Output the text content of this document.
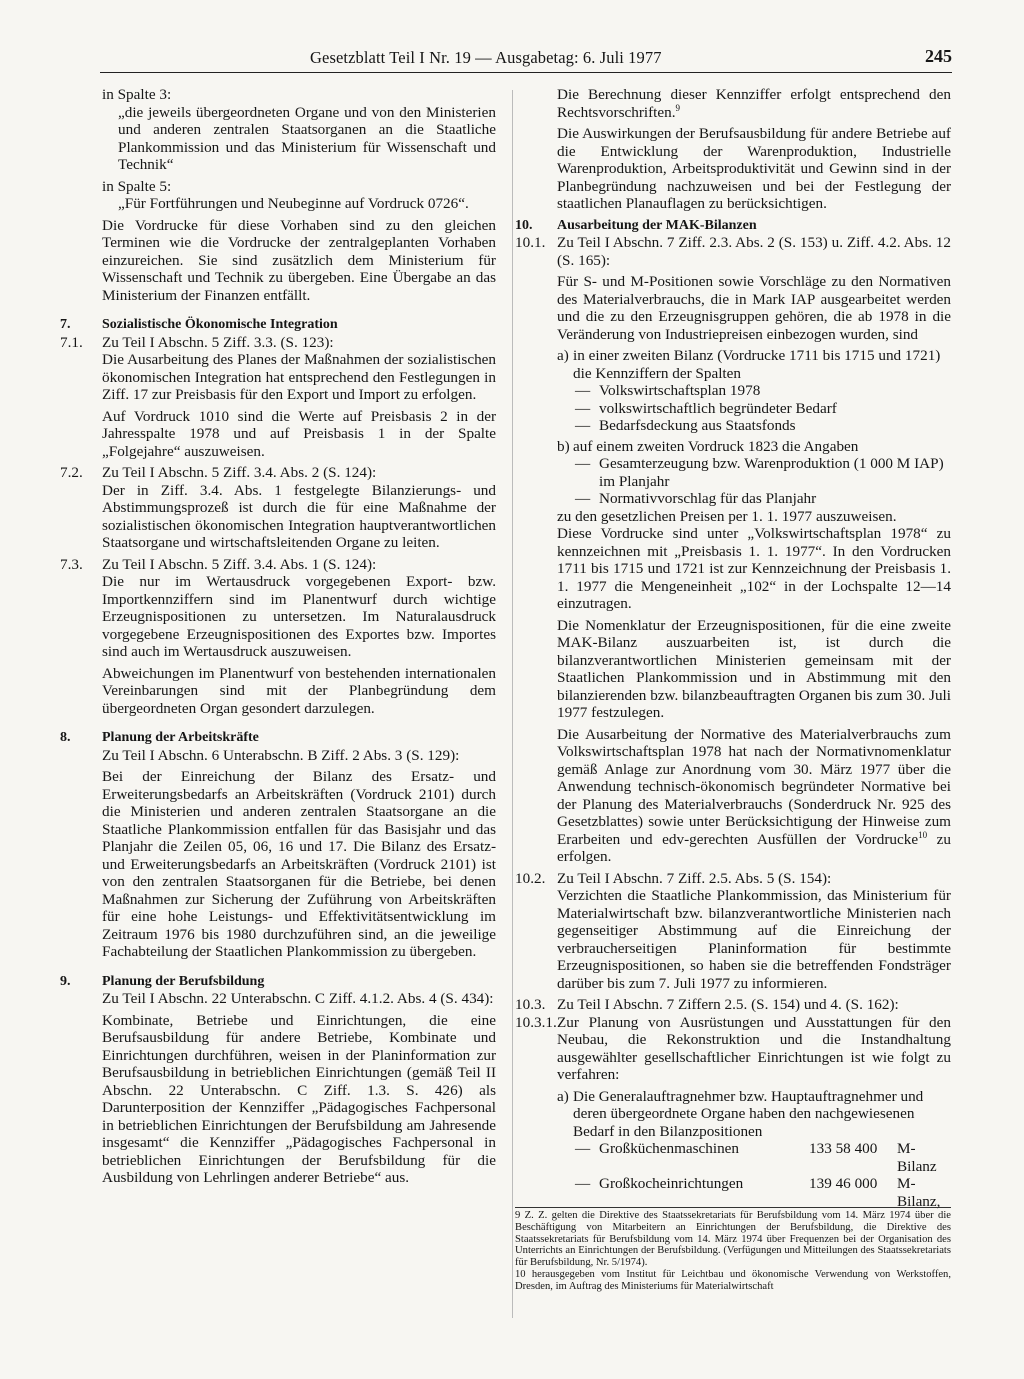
Gesetzblatt Teil I Nr. 19 — Ausgabetag: 6. Juli 1977	245

in Spalte 3:

„die jeweils übergeordneten Organe und von den Ministerien und anderen zentralen Staatsorganen an die Staatliche Plankommission und das Ministerium für Wissenschaft und Technik“

in Spalte 5:

„Für Fortführungen und Neubeginne auf Vordruck 0726“.

Die Vordrucke für diese Vorhaben sind zu den gleichen Terminen wie die Vordrucke der zentralgeplanten Vorhaben einzureichen. Sie sind zusätzlich dem Ministerium für Wissenschaft und Technik zu übergeben. Eine Übergabe an das Ministerium der Finanzen entfällt.

7.	Sozialistische Ökonomische Integration
7.1.	Zu Teil I Abschn. 5 Ziff. 3.3. (S. 123):

Die Ausarbeitung des Planes der Maßnahmen der sozialistischen ökonomischen Integration hat entsprechend den Festlegungen in Ziff. 17 zur Preisbasis für den Export und Import zu erfolgen.

Auf Vordruck 1010 sind die Werte auf Preisbasis 2 in der Jahresspalte 1978 und auf Preisbasis 1 in der Spalte „Folgejahre“ auszuweisen.

7.2.	Zu Teil I Abschn. 5 Ziff. 3.4. Abs. 2 (S. 124):

Der in Ziff. 3.4. Abs. 1 festgelegte Bilanzierungs- und Abstimmungsprozeß ist durch die für eine Maßnahme der sozialistischen ökonomischen Integration hauptverantwortlichen Staatsorgane und wirtschaftsleitenden Organe zu leiten.

7.3.	Zu Teil I Abschn. 5 Ziff. 3.4. Abs. 1 (S. 124):

Die nur im Wertausdruck vorgegebenen Export- bzw. Importkennziffern sind im Planentwurf durch wichtige Erzeugnispositionen zu untersetzen. Im Naturalausdruck vorgegebene Erzeugnispositionen des Exportes bzw. Importes sind auch im Wertausdruck auszuweisen.

Abweichungen im Planentwurf von bestehenden internationalen Vereinbarungen sind mit der Planbegründung dem übergeordneten Organ gesondert darzulegen.

8.	Planung der Arbeitskräfte

Zu Teil I Abschn. 6 Unterabschn. B Ziff. 2 Abs. 3 (S. 129):

Bei der Einreichung der Bilanz des Ersatz- und Erweiterungsbedarfs an Arbeitskräften (Vordruck 2101) durch die Ministerien und anderen zentralen Staatsorgane an die Staatliche Plankommission entfallen für das Basisjahr und das Planjahr die Zeilen 05, 06, 16 und 17. Die Bilanz des Ersatz- und Erweiterungsbedarfs an Arbeitskräften (Vordruck 2101) ist von den zentralen Staatsorganen für die Betriebe, bei denen Maßnahmen zur Sicherung der Zuführung von Arbeitskräften für eine hohe Leistungs- und Effektivitätsentwicklung im Zeitraum 1976 bis 1980 durchzuführen sind, an die jeweilige Fachabteilung der Staatlichen Plankommission zu übergeben.

9.	Planung der Berufsbildung

Zu Teil I Abschn. 22 Unterabschn. C Ziff. 4.1.2. Abs. 4 (S. 434):

Kombinate, Betriebe und Einrichtungen, die eine Berufsausbildung für andere Betriebe, Kombinate und Einrichtungen durchführen, weisen in der Planinformation zur Berufsausbildung in betrieblichen Einrichtungen (gemäß Teil II Abschn. 22 Unterabschn. C Ziff. 1.3. S. 426) als Darunterposition der Kennziffer „Pädagogisches Fachpersonal in betrieblichen Einrichtungen der Berufsbildung am Jahresende insgesamt“ die Kennziffer „Pädagogisches Fachpersonal in betrieblichen Einrichtungen der Berufsbildung für die Ausbildung von Lehrlingen anderer Betriebe“ aus.

Die Berechnung dieser Kennziffer erfolgt entsprechend den Rechtsvorschriften.$^9$

Die Auswirkungen der Berufsausbildung für andere Betriebe auf die Entwicklung der Warenproduktion, Industrielle Warenproduktion, Arbeitsproduktivität und Gewinn sind in der Planbegründung nachzuweisen und bei der Festlegung der staatlichen Planauflagen zu berücksichtigen.

10.	Ausarbeitung der MAK-Bilanzen
10.1. Zu Teil I Abschn. 7 Ziff. 2.3. Abs. 2 (S. 153) u. Ziff. 4.2. Abs. 12 (S. 165):

Für S- und M-Positionen sowie Vorschläge zu den Normativen des Materialverbrauchs, die in Mark IAP ausgearbeitet werden und die zu den Erzeugnisgruppen gehören, die ab 1978 in die Veränderung von Industriepreisen einbezogen wurden, sind

a) in einer zweiten Bilanz (Vordrucke 1711 bis 1715 und 1721) die Kennziffern der Spalten
— Volkswirtschaftsplan 1978
— volkswirtschaftlich begründeter Bedarf
— Bedarfsdeckung aus Staatsfonds
b) auf einem zweiten Vordruck 1823 die Angaben
— Gesamterzeugung bzw. Warenproduktion (1 000 M IAP) im Planjahr
— Normativvorschlag für das Planjahr

zu den gesetzlichen Preisen per 1. 1. 1977 auszuweisen.

Diese Vordrucke sind unter „Volkswirtschaftsplan 1978“ zu kennzeichnen mit „Preisbasis 1. 1. 1977“. In den Vordrucken 1711 bis 1715 und 1721 ist zur Kennzeichnung der Preisbasis 1. 1. 1977 die Mengeneinheit „102“ in der Lochspalte 12—14 einzutragen.

Die Nomenklatur der Erzeugnispositionen, für die eine zweite MAK-Bilanz auszuarbeiten ist, ist durch die bilanzverantwortlichen Ministerien gemeinsam mit der Staatlichen Plankommission und in Abstimmung mit den bilanzierenden bzw. bilanzbeauftragten Organen bis zum 30. Juli 1977 festzulegen.

Die Ausarbeitung der Normative des Materialverbrauchs zum Volkswirtschaftsplan 1978 hat nach der Normativnomenklatur gemäß Anlage zur Anordnung vom 30. März 1977 über die Anwendung technisch-ökonomisch begründeter Normative bei der Planung des Materialverbrauchs (Sonderdruck Nr. 925 des Gesetzblattes) sowie unter Berücksichtigung der Hinweise zum Erarbeiten und edv-gerechten Ausfüllen der Vordrucke$^{10}$ zu erfolgen.

10.2. Zu Teil I Abschn. 7 Ziff. 2.5. Abs. 5 (S. 154):

Verzichten die Staatliche Plankommission, das Ministerium für Materialwirtschaft bzw. bilanzverantwortliche Ministerien nach gegenseitiger Abstimmung auf die Einreichung der verbraucherseitigen Planinformation für bestimmte Erzeugnispositionen, so haben sie die betreffenden Fondsträger darüber bis zum 7. Juli 1977 zu informieren.

10.3. Zu Teil I Abschn. 7 Ziffern 2.5. (S. 154) und 4. (S. 162):

10.3.1. Zur Planung von Ausrüstungen und Ausstattungen für den Neubau, die Rekonstruktion und die Instandhaltung ausgewählter gesellschaftlicher Einrichtungen ist wie folgt zu verfahren:

a) Die Generalauftragnehmer bzw. Hauptauftragnehmer und deren übergeordnete Organe haben den nachgewiesenen Bedarf in den Bilanzpositionen
— Großküchenmaschinen	133 58 400	M-Bilanz
— Großkocheinrichtungen	139 46 000	M-Bilanz,

9 Z. Z. gelten die Direktive des Staatssekretariats für Berufsbildung vom 14. März 1974 über die Beschäftigung von Mitarbeitern an Einrichtungen der Berufsbildung, die Direktive des Staatssekretariats für Berufsbildung vom 14. März 1974 über Frequenzen bei der Organisation des Unterrichts an Einrichtungen der Berufsbildung. (Verfügungen und Mitteilungen des Staatssekretariats für Berufsbildung, Nr. 5/1974).

10 herausgegeben vom Institut für Leichtbau und ökonomische Verwendung von Werkstoffen, Dresden, im Auftrag des Ministeriums für Materialwirtschaft
